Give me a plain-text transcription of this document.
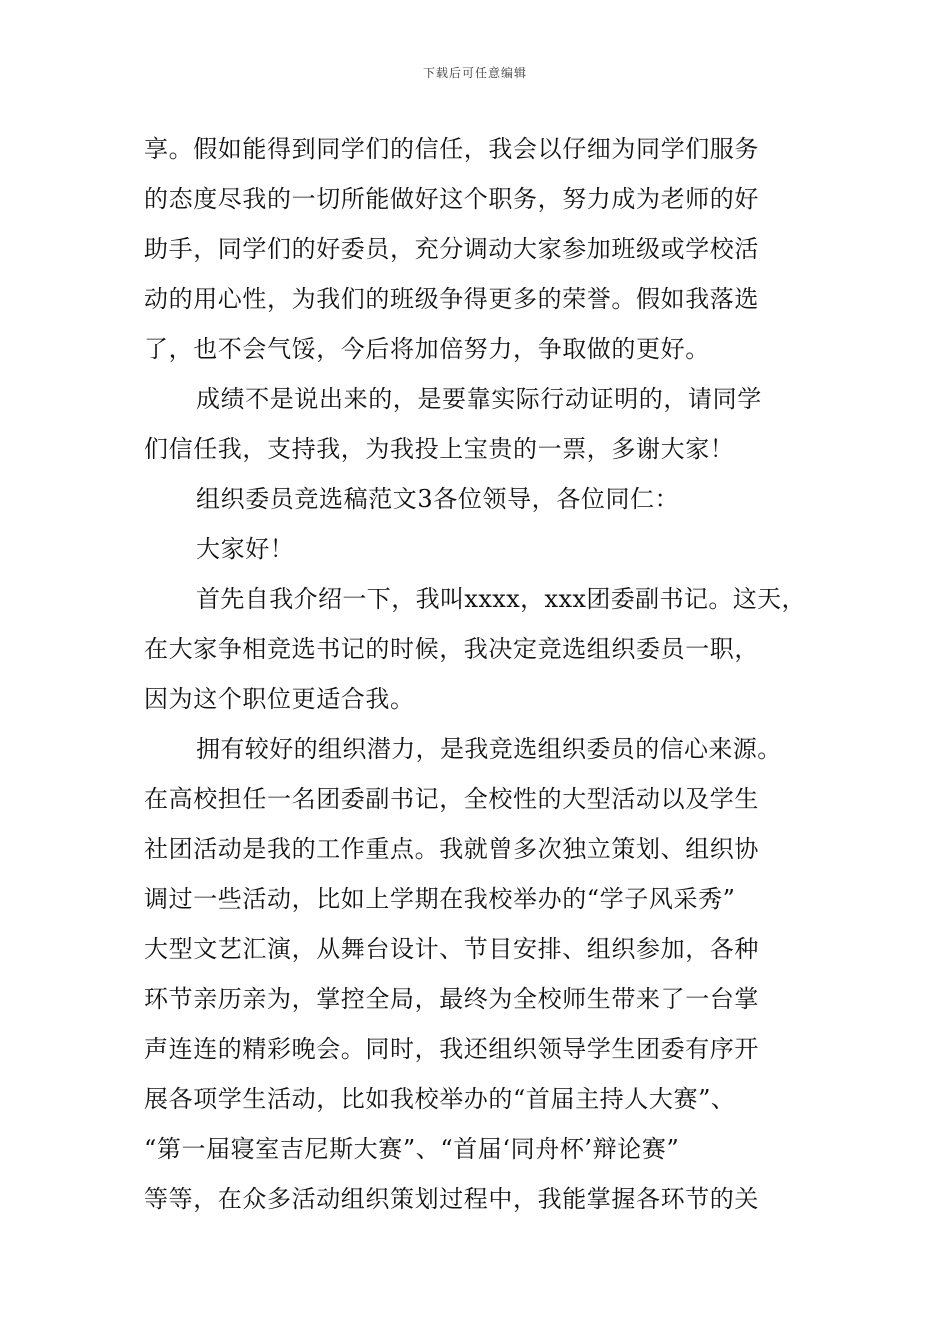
下载后可任意编辑
享。假如能得到同学们的信任，我会以仔细为同学们服务
的态度尽我的一切所能做好这个职务，努力成为老师的好
助手，同学们的好委员，充分调动大家参加班级或学校活
动的用心性，为我们的班级争得更多的荣誉。假如我落选
了，也不会气馁，今后将加倍努力，争取做的更好。
成绩不是说出来的，是要靠实际行动证明的，请同学
们信任我，支持我，为我投上宝贵的一票，多谢大家！
组织委员竞选稿范文3各位领导，各位同仁：
大家好！
首先自我介绍一下，我叫xxxx，xxx团委副书记。这天，
在大家争相竞选书记的时候，我决定竞选组织委员一职，
因为这个职位更适合我。
拥有较好的组织潜力，是我竞选组织委员的信心来源。
在高校担任一名团委副书记，全校性的大型活动以及学生
社团活动是我的工作重点。我就曾多次独立策划、组织协
调过一些活动，比如上学期在我校举办的“学子风采秀”
大型文艺汇演，从舞台设计、节目安排、组织参加，各种
环节亲历亲为，掌控全局，最终为全校师生带来了一台掌
声连连的精彩晚会。同时，我还组织领导学生团委有序开
展各项学生活动，比如我校举办的“首届主持人大赛”、
“第一届寝室吉尼斯大赛”、“首届‘同舟杯’辩论赛”
等等，在众多活动组织策划过程中，我能掌握各环节的关
